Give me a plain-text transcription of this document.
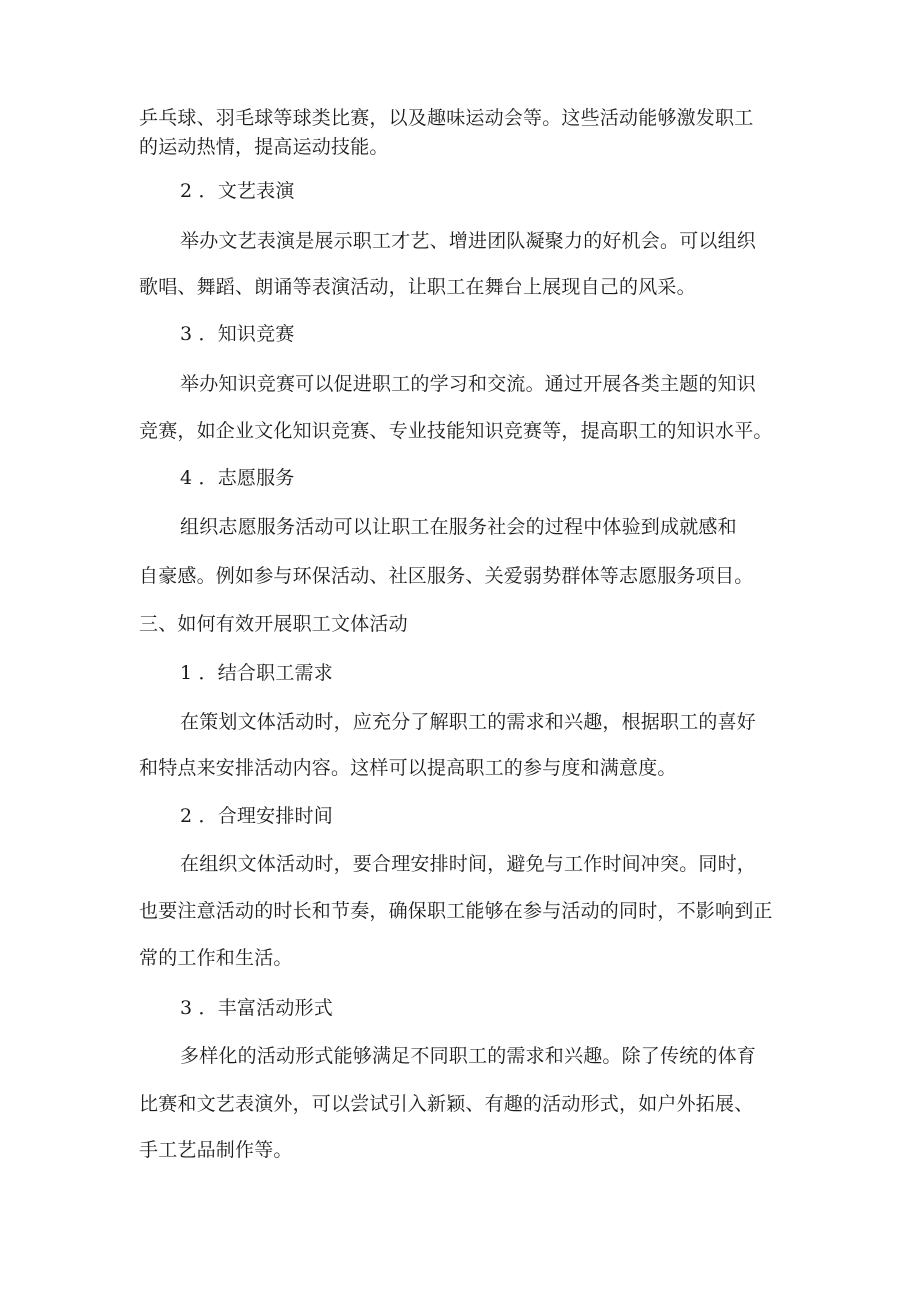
乒乓球、羽毛球等球类比赛，以及趣味运动会等。这些活动能够激发职工
的运动热情，提高运动技能。
2 ．文艺表演
举办文艺表演是展示职工才艺、增进团队凝聚力的好机会。可以组织
歌唱、舞蹈、朗诵等表演活动，让职工在舞台上展现自己的风采。
3 ．知识竞赛
举办知识竞赛可以促进职工的学习和交流。通过开展各类主题的知识
竞赛，如企业文化知识竞赛、专业技能知识竞赛等，提高职工的知识水平。
4 ．志愿服务
组织志愿服务活动可以让职工在服务社会的过程中体验到成就感和
自豪感。例如参与环保活动、社区服务、关爱弱势群体等志愿服务项目。
三、如何有效开展职工文体活动
1 ．结合职工需求
在策划文体活动时，应充分了解职工的需求和兴趣，根据职工的喜好
和特点来安排活动内容。这样可以提高职工的参与度和满意度。
2 ．合理安排时间
在组织文体活动时，要合理安排时间，避免与工作时间冲突。同时，
也要注意活动的时长和节奏，确保职工能够在参与活动的同时，不影响到正
常的工作和生活。
3 ．丰富活动形式
多样化的活动形式能够满足不同职工的需求和兴趣。除了传统的体育
比赛和文艺表演外，可以尝试引入新颖、有趣的活动形式，如户外拓展、
手工艺品制作等。
